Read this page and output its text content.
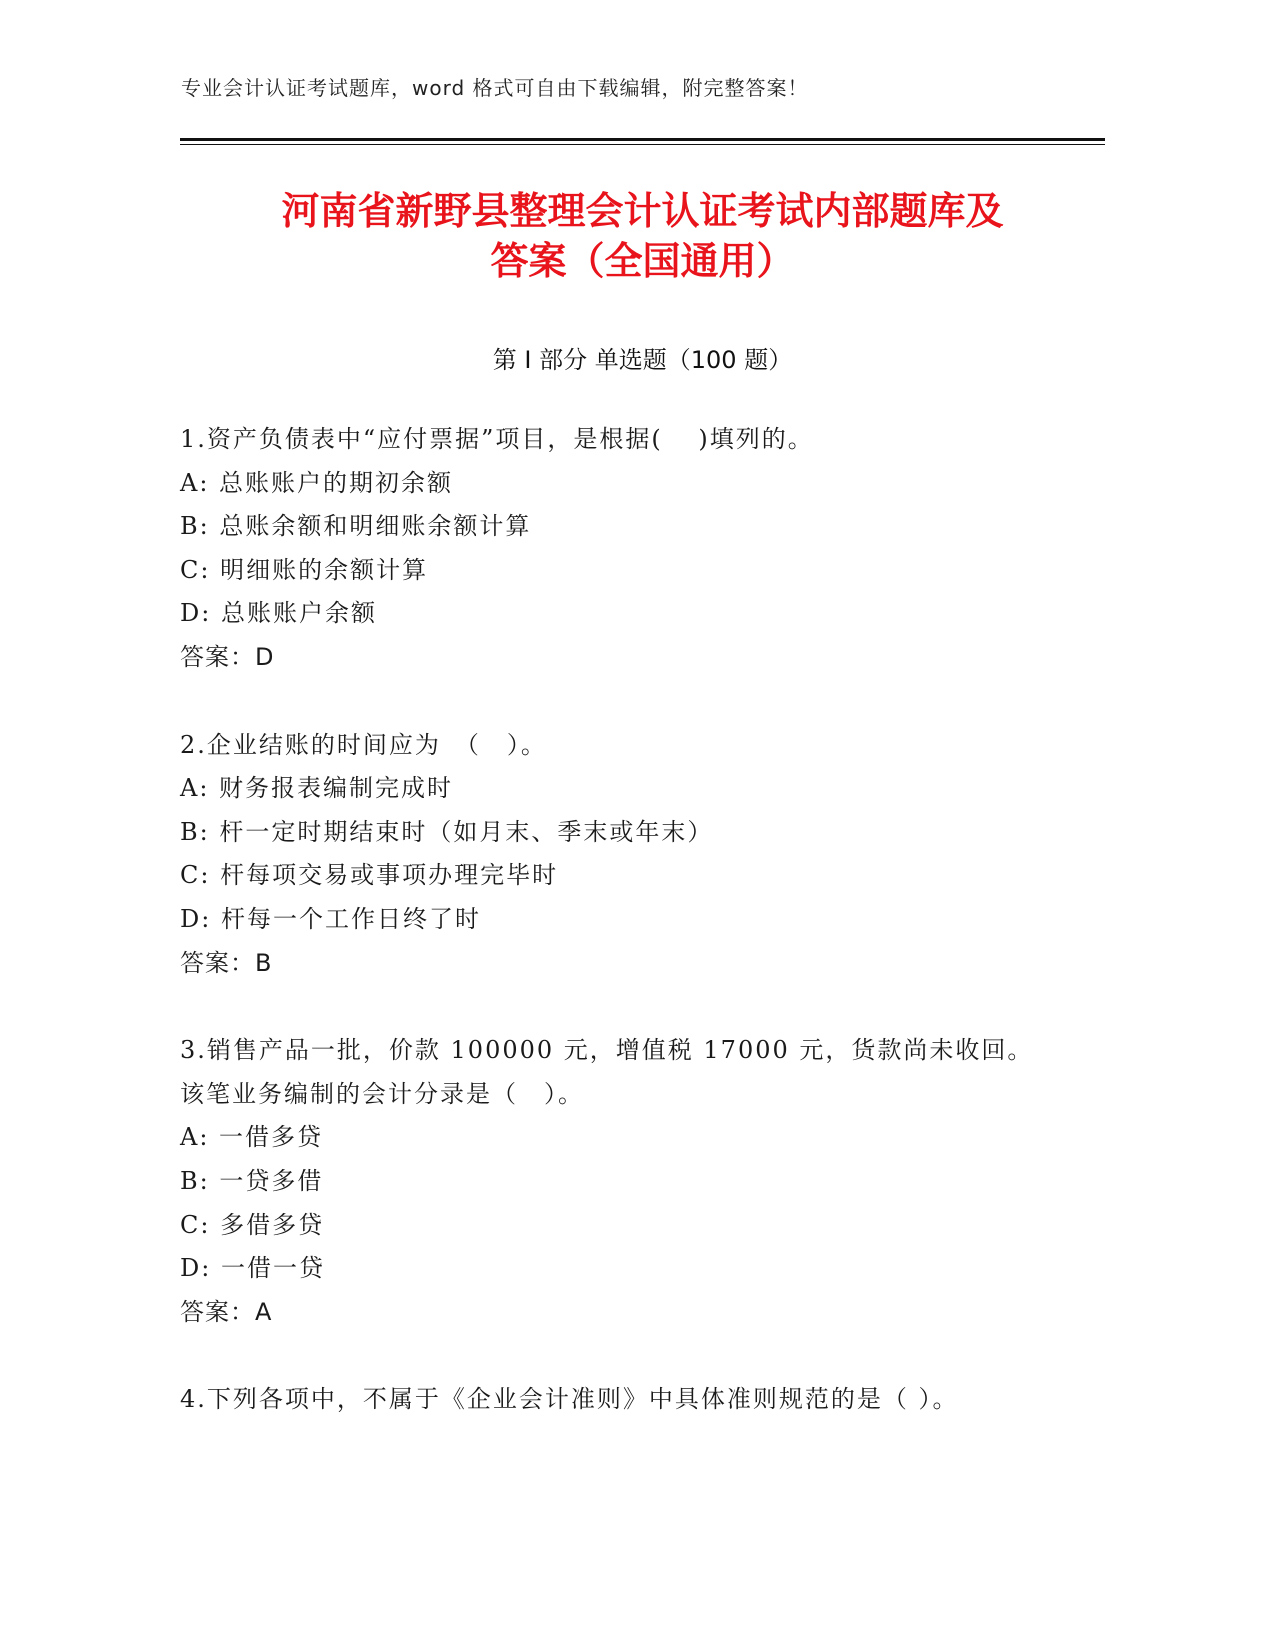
专业会计认证考试题库，word 格式可自由下载编辑，附完整答案！
河南省新野县整理会计认证考试内部题库及
答案（全国通用）
第 I 部分 单选题（100 题）
1.资产负债表中“应付票据”项目，是根据(　 )填列的。
A: 总账账户的期初余额
B: 总账余额和明细账余额计算
C: 明细账的余额计算
D: 总账账户余额
答案：D
2.企业结账的时间应为　（　）。
A: 财务报表编制完成时
B: 杆一定时期结束时（如月末、季末或年末）
C: 杆每项交易或事项办理完毕时
D: 杆每一个工作日终了时
答案：B
3.销售产品一批，价款 100000 元，增值税 17000 元，货款尚未收回。
该笔业务编制的会计分录是（　）。
A: 一借多贷
B: 一贷多借
C: 多借多贷
D: 一借一贷
答案：A
4.下列各项中，不属于《企业会计准则》中具体准则规范的是（ ）。
